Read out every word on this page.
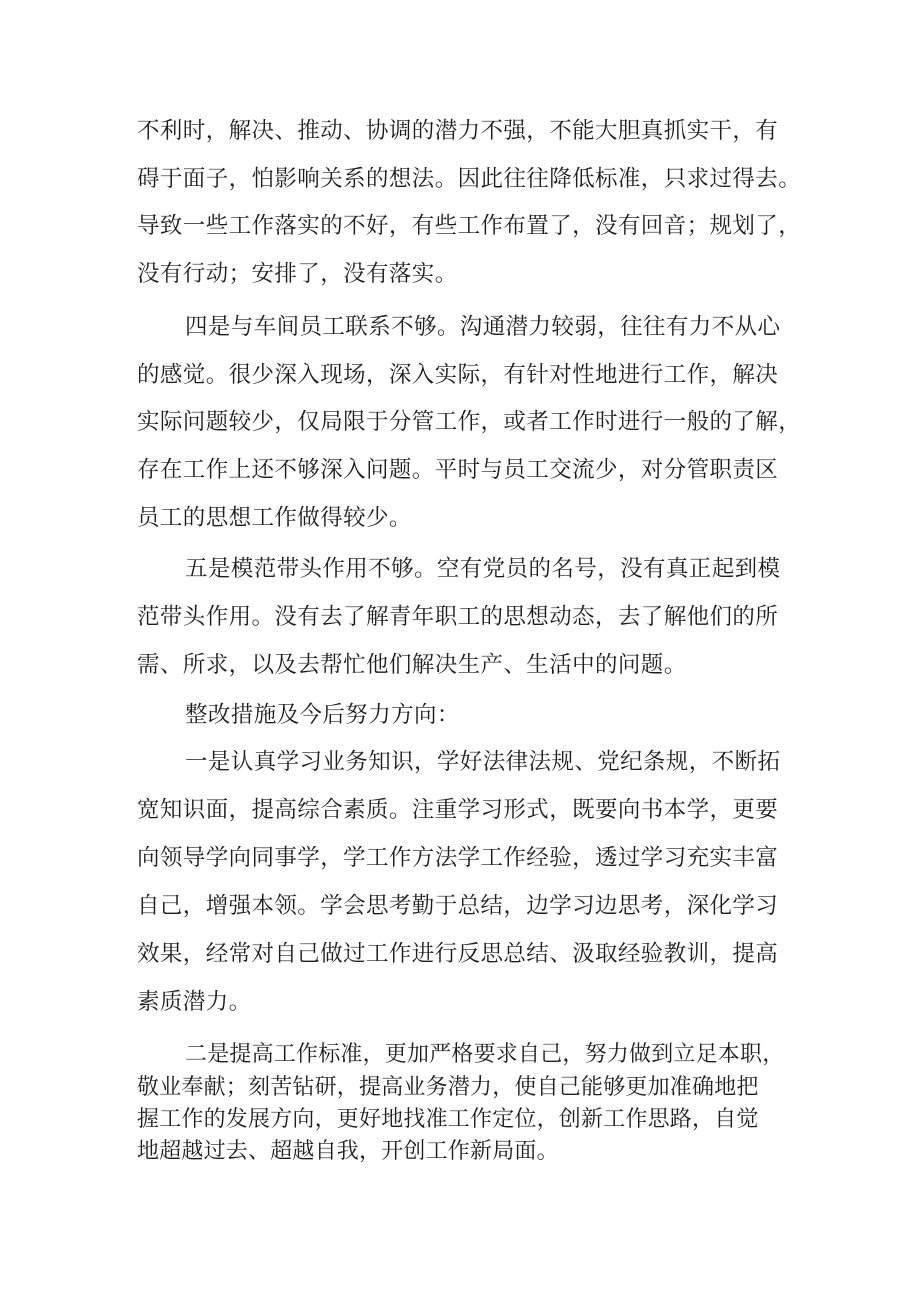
不利时，解决、推动、协调的潜力不强，不能大胆真抓实干，有

碍于面子，怕影响关系的想法。因此往往降低标准，只求过得去。

导致一些工作落实的不好，有些工作布置了，没有回音；规划了，

没有行动；安排了，没有落实。

四是与车间员工联系不够。沟通潜力较弱，往往有力不从心

的感觉。很少深入现场，深入实际，有针对性地进行工作，解决

实际问题较少，仅局限于分管工作，或者工作时进行一般的了解，

存在工作上还不够深入问题。平时与员工交流少，对分管职责区

员工的思想工作做得较少。

五是模范带头作用不够。空有党员的名号，没有真正起到模

范带头作用。没有去了解青年职工的思想动态，去了解他们的所

需、所求，以及去帮忙他们解决生产、生活中的问题。

整改措施及今后努力方向：

一是认真学习业务知识，学好法律法规、党纪条规，不断拓

宽知识面，提高综合素质。注重学习形式，既要向书本学，更要

向领导学向同事学，学工作方法学工作经验，透过学习充实丰富

自己，增强本领。学会思考勤于总结，边学习边思考，深化学习

效果，经常对自己做过工作进行反思总结、汲取经验教训，提高

素质潜力。

二是提高工作标准，更加严格要求自己，努力做到立足本职，

敬业奉献；刻苦钻研，提高业务潜力，使自己能够更加准确地把

握工作的发展方向，更好地找准工作定位，创新工作思路，自觉

地超越过去、超越自我，开创工作新局面。
